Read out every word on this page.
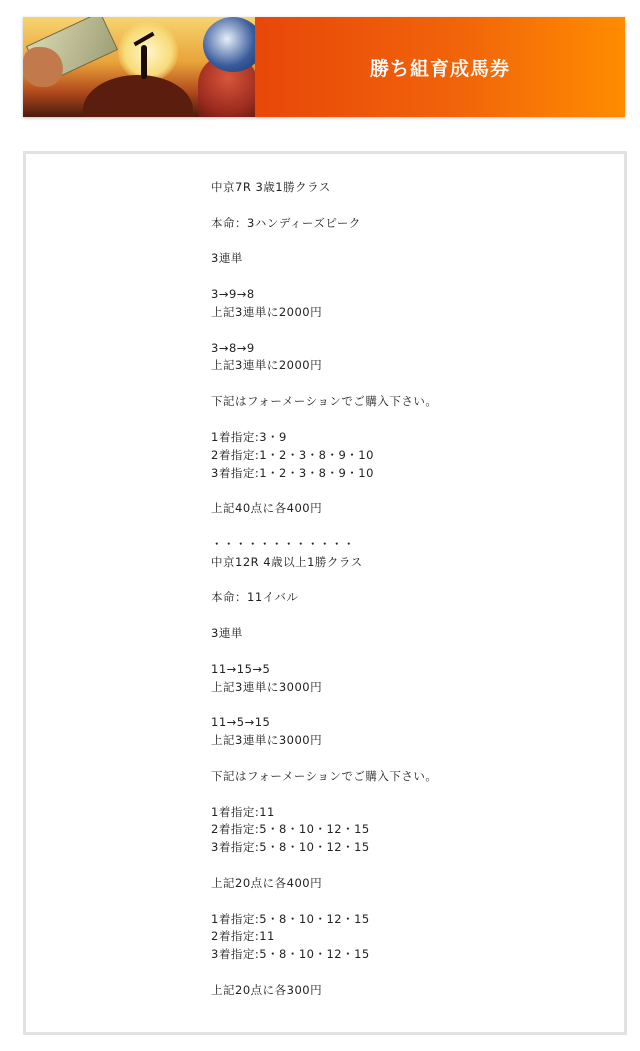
勝ち組育成馬券
中京7R 3歳1勝クラス
本命：3ハンディーズピーク
3連単
3→9→8
上記3連単に2000円
3→8→9
上記3連単に2000円
下記はフォーメーションでご購入下さい。
1着指定:3・9
2着指定:1・2・3・8・9・10
3着指定:1・2・3・8・9・10
上記40点に各400円
・・・・・・・・・・・・
中京12R 4歳以上1勝クラス
本命：11イバル
3連単
11→15→5
上記3連単に3000円
11→5→15
上記3連単に3000円
下記はフォーメーションでご購入下さい。
1着指定:11
2着指定:5・8・10・12・15
3着指定:5・8・10・12・15
上記20点に各400円
1着指定:5・8・10・12・15
2着指定:11
3着指定:5・8・10・12・15
上記20点に各300円
